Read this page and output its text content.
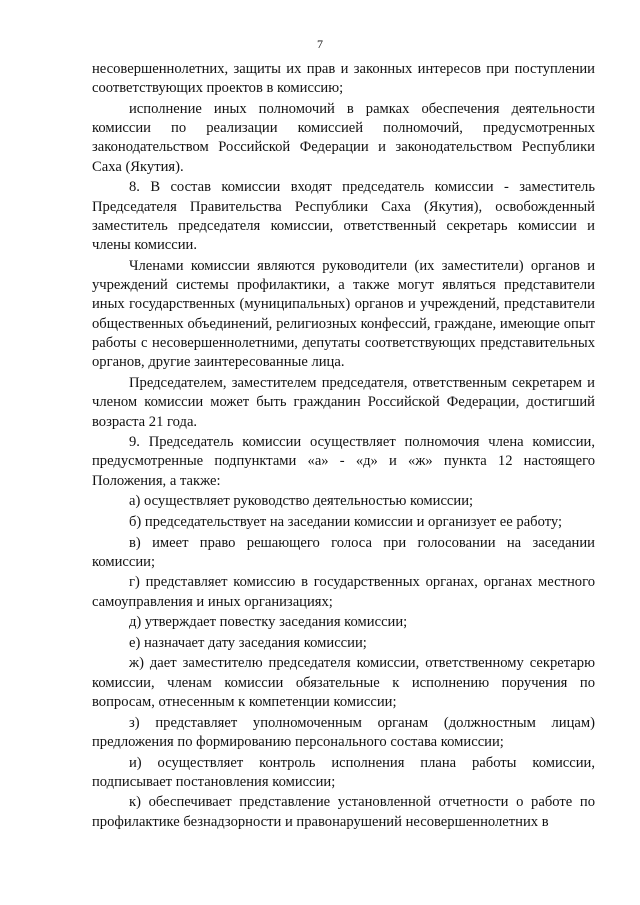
7

несовершеннолетних, защиты их прав и законных интересов при поступлении соответствующих проектов в комиссию;

исполнение иных полномочий в рамках обеспечения деятельности комиссии по реализации комиссией полномочий, предусмотренных законодательством Российской Федерации и законодательством Республики Саха (Якутия).

8. В состав комиссии входят председатель комиссии - заместитель Председателя Правительства Республики Саха (Якутия), освобожденный заместитель председателя комиссии, ответственный секретарь комиссии и члены комиссии.

Членами комиссии являются руководители (их заместители) органов и учреждений системы профилактики, а также могут являться представители иных государственных (муниципальных) органов и учреждений, представители общественных объединений, религиозных конфессий, граждане, имеющие опыт работы с несовершеннолетними, депутаты соответствующих представительных органов, другие заинтересованные лица.

Председателем, заместителем председателя, ответственным секретарем и членом комиссии может быть гражданин Российской Федерации, достигший возраста 21 года.

9. Председатель комиссии осуществляет полномочия члена комиссии, предусмотренные подпунктами «а» - «д» и «ж» пункта 12 настоящего Положения, а также:

а) осуществляет руководство деятельностью комиссии;

б) председательствует на заседании комиссии и организует ее работу;

в) имеет право решающего голоса при голосовании на заседании комиссии;

г) представляет комиссию в государственных органах, органах местного самоуправления и иных организациях;

д) утверждает повестку заседания комиссии;

е) назначает дату заседания комиссии;

ж) дает заместителю председателя комиссии, ответственному секретарю комиссии, членам комиссии обязательные к исполнению поручения по вопросам, отнесенным к компетенции комиссии;

з) представляет уполномоченным органам (должностным лицам) предложения по формированию персонального состава комиссии;

и) осуществляет контроль исполнения плана работы комиссии, подписывает постановления комиссии;

к) обеспечивает представление установленной отчетности о работе по профилактике безнадзорности и правонарушений несовершеннолетних в
